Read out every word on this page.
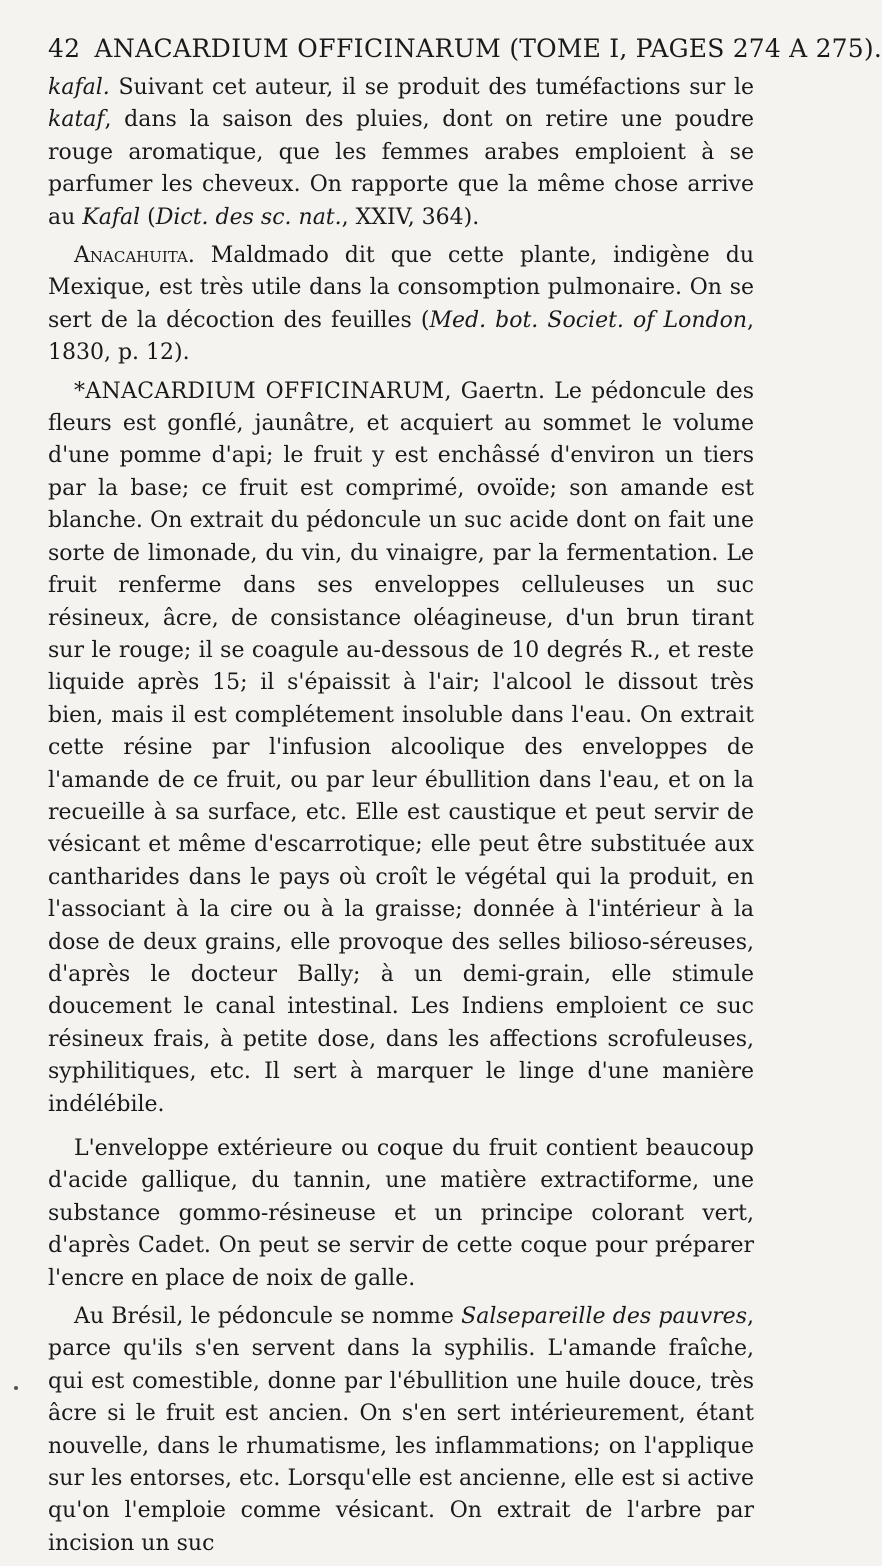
42 ANACARDIUM OFFICINARUM (TOME I, PAGES 274 A 275).

kafal. Suivant cet auteur, il se produit des tuméfactions sur le kataf, dans la saison des pluies, dont on retire une poudre rouge aromatique, que les femmes arabes emploient à se parfumer les cheveux. On rapporte que la même chose arrive au Kafal (Dict. des sc. nat., XXIV, 364).

Anacahuita. Maldmado dit que cette plante, indigène du Mexique, est très utile dans la consomption pulmonaire. On se sert de la décoction des feuilles (Med. bot. Societ. of London, 1830, p. 12).

*ANACARDIUM OFFICINARUM, Gaertn. Le pédoncule des fleurs est gonflé, jaunâtre, et acquiert au sommet le volume d'une pomme d'api; le fruit y est enchâssé d'environ un tiers par la base; ce fruit est comprimé, ovoïde; son amande est blanche. On extrait du pédoncule un suc acide dont on fait une sorte de limonade, du vin, du vinaigre, par la fermentation. Le fruit renferme dans ses enveloppes celluleuses un suc résineux, âcre, de consistance oléagineuse, d'un brun tirant sur le rouge; il se coagule au-dessous de 10 degrés R., et reste liquide après 15; il s'épaissit à l'air; l'alcool le dissout très bien, mais il est complétement insoluble dans l'eau. On extrait cette résine par l'infusion alcoolique des enveloppes de l'amande de ce fruit, ou par leur ébullition dans l'eau, et on la recueille à sa surface, etc. Elle est caustique et peut servir de vésicant et même d'escarrotique; elle peut être substituée aux cantharides dans le pays où croît le végétal qui la produit, en l'associant à la cire ou à la graisse; donnée à l'intérieur à la dose de deux grains, elle provoque des selles bilioso-séreuses, d'après le docteur Bally; à un demi-grain, elle stimule doucement le canal intestinal. Les Indiens emploient ce suc résineux frais, à petite dose, dans les affections scrofuleuses, syphilitiques, etc. Il sert à marquer le linge d'une manière indélébile.

L'enveloppe extérieure ou coque du fruit contient beaucoup d'acide gallique, du tannin, une matière extractiforme, une substance gommo-résineuse et un principe colorant vert, d'après Cadet. On peut se servir de cette coque pour préparer l'encre en place de noix de galle.

Au Brésil, le pédoncule se nomme Salsepareille des pauvres, parce qu'ils s'en servent dans la syphilis. L'amande fraîche, qui est comestible, donne par l'ébullition une huile douce, très âcre si le fruit est ancien. On s'en sert intérieurement, étant nouvelle, dans le rhumatisme, les inflammations; on l'applique sur les entorses, etc. Lorsqu'elle est ancienne, elle est si active qu'on l'emploie comme vésicant. On extrait de l'arbre par incision un suc
